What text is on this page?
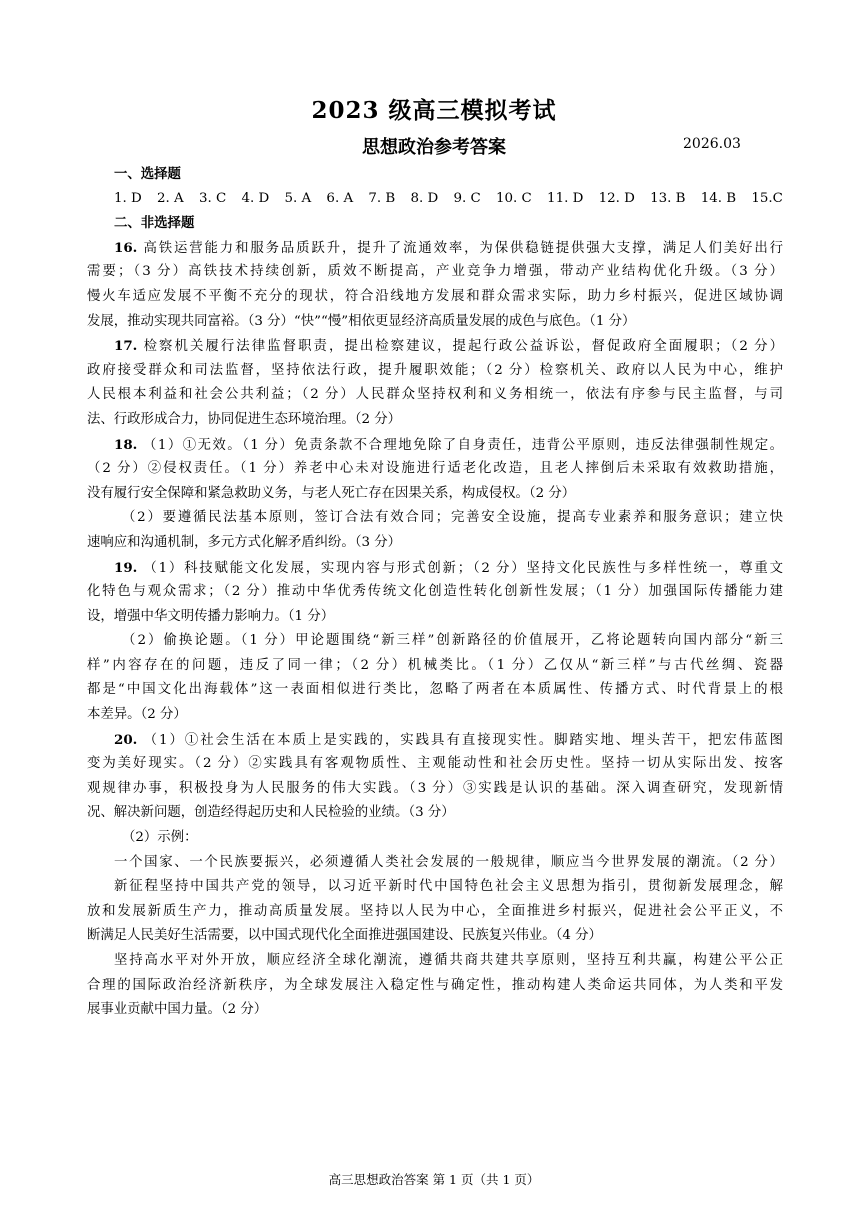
2023 级高三模拟考试
思想政治参考答案	2026.03
一、选择题
1. D 2. A 3. C 4. D 5. A 6. A 7. B 8. D 9. C 10. C 11. D 12. D 13. B 14. B 15.C
二、非选择题
16. 高铁运营能力和服务品质跃升，提升了流通效率，为保供稳链提供强大支撑，满足人们美好出行
需要；（3 分）高铁技术持续创新，质效不断提高，产业竞争力增强，带动产业结构优化升级。（3 分）
慢火车适应发展不平衡不充分的现状，符合沿线地方发展和群众需求实际，助力乡村振兴，促进区域协调
发展，推动实现共同富裕。（3 分）“快”“慢”相依更显经济高质量发展的成色与底色。（1 分）
17. 检察机关履行法律监督职责，提出检察建议，提起行政公益诉讼，督促政府全面履职；（2 分）
政府接受群众和司法监督，坚持依法行政，提升履职效能；（2 分）检察机关、政府以人民为中心，维护
人民根本利益和社会公共利益；（2 分）人民群众坚持权利和义务相统一，依法有序参与民主监督，与司
法、行政形成合力，协同促进生态环境治理。（2 分）
18. （1）①无效。（1 分）免责条款不合理地免除了自身责任，违背公平原则，违反法律强制性规定。
（2 分）②侵权责任。（1 分）养老中心未对设施进行适老化改造，且老人摔倒后未采取有效救助措施，
没有履行安全保障和紧急救助义务，与老人死亡存在因果关系，构成侵权。（2 分）
（2）要遵循民法基本原则，签订合法有效合同；完善安全设施，提高专业素养和服务意识；建立快
速响应和沟通机制，多元方式化解矛盾纠纷。（3 分）
19. （1）科技赋能文化发展，实现内容与形式创新；（2 分）坚持文化民族性与多样性统一，尊重文
化特色与观众需求；（2 分）推动中华优秀传统文化创造性转化创新性发展；（1 分）加强国际传播能力建
设，增强中华文明传播力影响力。（1 分）
（2）偷换论题。（1 分）甲论题围绕“新三样”创新路径的价值展开，乙将论题转向国内部分“新三
样”内容存在的问题，违反了同一律；（2 分）机械类比。（1 分）乙仅从“新三样”与古代丝绸、瓷器
都是“中国文化出海载体”这一表面相似进行类比，忽略了两者在本质属性、传播方式、时代背景上的根
本差异。（2 分）
20. （1）①社会生活在本质上是实践的，实践具有直接现实性。脚踏实地、埋头苦干，把宏伟蓝图
变为美好现实。（2 分）②实践具有客观物质性、主观能动性和社会历史性。坚持一切从实际出发、按客
观规律办事，积极投身为人民服务的伟大实践。（3 分）③实践是认识的基础。深入调查研究，发现新情
况、解决新问题，创造经得起历史和人民检验的业绩。（3 分）
（2）示例：
一个国家、一个民族要振兴，必须遵循人类社会发展的一般规律，顺应当今世界发展的潮流。（2 分）
新征程坚持中国共产党的领导，以习近平新时代中国特色社会主义思想为指引，贯彻新发展理念，解
放和发展新质生产力，推动高质量发展。坚持以人民为中心，全面推进乡村振兴，促进社会公平正义，不
断满足人民美好生活需要，以中国式现代化全面推进强国建设、民族复兴伟业。（4 分）
坚持高水平对外开放，顺应经济全球化潮流，遵循共商共建共享原则，坚持互利共赢，构建公平公正
合理的国际政治经济新秩序，为全球发展注入稳定性与确定性，推动构建人类命运共同体，为人类和平发
展事业贡献中国力量。（2 分）
高三思想政治答案 第 1 页（共 1 页）
